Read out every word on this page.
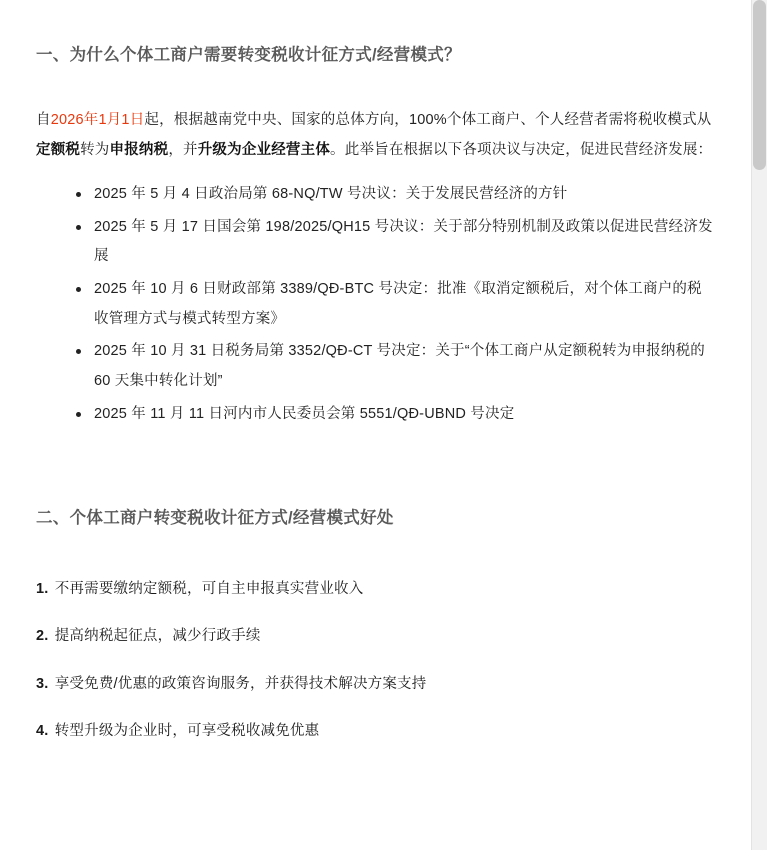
一、为什么个体工商户需要转变税收计征方式/经营模式？

自2026年1月1日起，根据越南党中央、国家的总体方向，100%个体工商户、个人经营者需将税收模式从定额税转为申报纳税，并升级为企业经营主体。此举旨在根据以下各项决议与决定，促进民营经济发展：

2025 年 5 月 4 日政治局第 68-NQ/TW 号决议：关于发展民营经济的方针
2025 年 5 月 17 日国会第 198/2025/QH15 号决议：关于部分特别机制及政策以促进民营经济发展
2025 年 10 月 6 日财政部第 3389/QĐ-BTC 号决定：批准《取消定额税后，对个体工商户的税收管理方式与模式转型方案》
2025 年 10 月 31 日税务局第 3352/QĐ-CT 号决定：关于“个体工商户从定额税转为申报纳税的 60 天集中转化计划”
2025 年 11 月 11 日河内市人民委员会第 5551/QĐ-UBND 号决定
二、个体工商户转变税收计征方式/经营模式好处
1. 不再需要缴纳定额税，可自主申报真实营业收入
2. 提高纳税起征点，减少行政手续
3. 享受免费/优惠的政策咨询服务，并获得技术解决方案支持
4. 转型升级为企业时，可享受税收减免优惠
